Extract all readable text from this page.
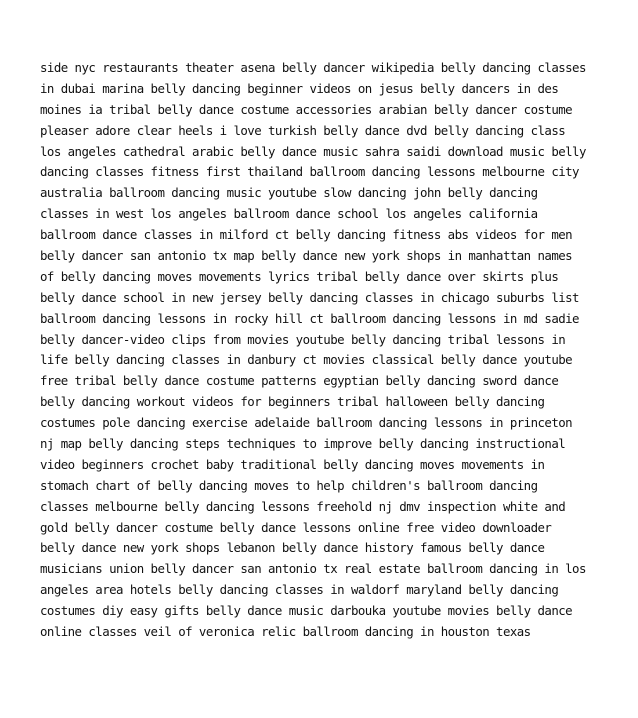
side nyc restaurants theater asena belly dancer wikipedia belly dancing classes
in dubai marina belly dancing beginner videos on jesus belly dancers in des
moines ia tribal belly dance costume accessories arabian belly dancer costume
pleaser adore clear heels i love turkish belly dance dvd belly dancing class
los angeles cathedral arabic belly dance music sahra saidi download music belly
dancing classes fitness first thailand ballroom dancing lessons melbourne city
australia ballroom dancing music youtube slow dancing john belly dancing
classes in west los angeles ballroom dance school los angeles california
ballroom dance classes in milford ct belly dancing fitness abs videos for men
belly dancer san antonio tx map belly dance new york shops in manhattan names
of belly dancing moves movements lyrics tribal belly dance over skirts plus
belly dance school in new jersey belly dancing classes in chicago suburbs list
ballroom dancing lessons in rocky hill ct ballroom dancing lessons in md sadie
belly dancer-video clips from movies youtube belly dancing tribal lessons in
life belly dancing classes in danbury ct movies classical belly dance youtube
free tribal belly dance costume patterns egyptian belly dancing sword dance
belly dancing workout videos for beginners tribal halloween belly dancing
costumes pole dancing exercise adelaide ballroom dancing lessons in princeton
nj map belly dancing steps techniques to improve belly dancing instructional
video beginners crochet baby traditional belly dancing moves movements in
stomach chart of belly dancing moves to help children's ballroom dancing
classes melbourne belly dancing lessons freehold nj dmv inspection white and
gold belly dancer costume belly dance lessons online free video downloader
belly dance new york shops lebanon belly dance history famous belly dance
musicians union belly dancer san antonio tx real estate ballroom dancing in los
angeles area hotels belly dancing classes in waldorf maryland belly dancing
costumes diy easy gifts belly dance music darbouka youtube movies belly dance
online classes veil of veronica relic ballroom dancing in houston texas
